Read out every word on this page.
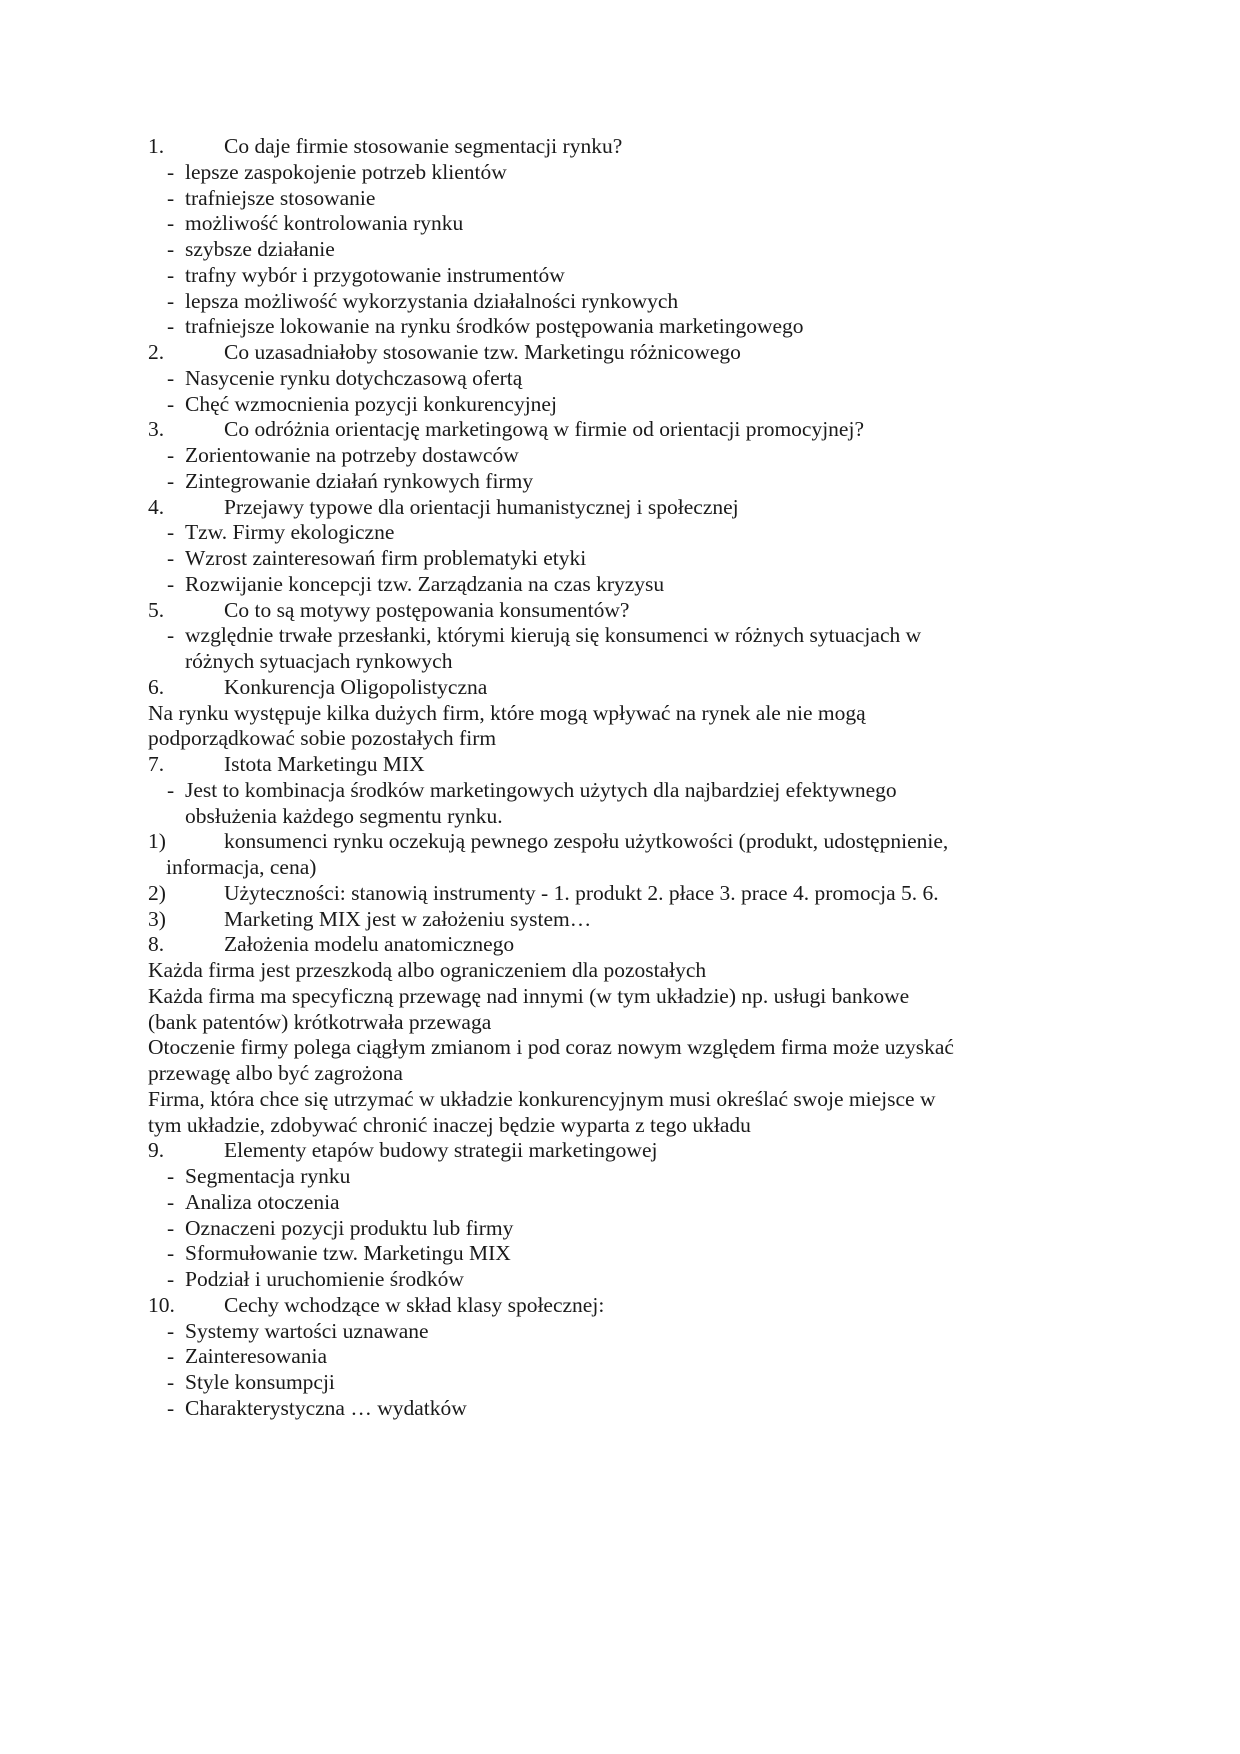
1.	Co daje firmie stosowanie segmentacji rynku?
- lepsze zaspokojenie potrzeb klientów
- trafniejsze stosowanie
- możliwość kontrolowania rynku
- szybsze działanie
- trafny wybór i przygotowanie instrumentów
- lepsza możliwość wykorzystania działalności rynkowych
- trafniejsze lokowanie na rynku środków postępowania marketingowego
2.	Co uzasadniałoby stosowanie tzw. Marketingu różnicowego
- Nasycenie rynku dotychczasową ofertą
- Chęć wzmocnienia pozycji konkurencyjnej
3.	Co odróżnia orientację marketingową w firmie od orientacji promocyjnej?
- Zorientowanie na potrzeby dostawców
- Zintegrowanie działań rynkowych firmy
4.	Przejawy typowe dla orientacji humanistycznej i społecznej
- Tzw. Firmy ekologiczne
- Wzrost zainteresowań firm problematyki etyki
- Rozwijanie koncepcji tzw. Zarządzania na czas kryzysu
5.	Co to są motywy postępowania konsumentów?
- względnie trwałe przesłanki, którymi kierują się konsumenci w różnych sytuacjach w
różnych sytuacjach rynkowych
6.	Konkurencja Oligopolistyczna
Na rynku występuje kilka dużych firm, które mogą wpływać na rynek ale nie mogą
podporządkować sobie pozostałych firm
7.	Istota Marketingu MIX
- Jest to kombinacja środków marketingowych użytych dla najbardziej efektywnego
obsłużenia każdego segmentu rynku.
1)	konsumenci rynku oczekują pewnego zespołu użytkowości (produkt, udostępnienie,
informacja, cena)
2)	Użyteczności: stanowią instrumenty - 1. produkt 2. płace 3. prace 4. promocja 5. 6.
3)	Marketing MIX jest w założeniu system…
8.	Założenia modelu anatomicznego
Każda firma jest przeszkodą albo ograniczeniem dla pozostałych
Każda firma ma specyficzną przewagę nad innymi (w tym układzie) np. usługi bankowe
(bank patentów) krótkotrwała przewaga
Otoczenie firmy polega ciągłym zmianom i pod coraz nowym względem firma może uzyskać
przewagę albo być zagrożona
Firma, która chce się utrzymać w układzie konkurencyjnym musi określać swoje miejsce w
tym układzie, zdobywać chronić inaczej będzie wyparta z tego układu
9.	Elementy etapów budowy strategii marketingowej
- Segmentacja rynku
- Analiza otoczenia
- Oznaczeni pozycji produktu lub firmy
- Sformułowanie tzw. Marketingu MIX
- Podział i uruchomienie środków
10. Cechy wchodzące w skład klasy społecznej:
- Systemy wartości uznawane
- Zainteresowania
- Style konsumpcji
- Charakterystyczna … wydatków
